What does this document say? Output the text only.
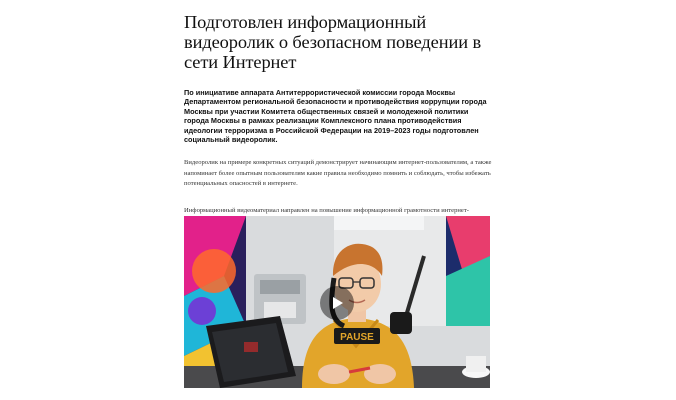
Подготовлен информационный видеоролик о безопасном поведении в сети Интернет

По инициативе аппарата Антитеррористической комиссии города Москвы Департаментом региональной безопасности и противодействия коррупции города Москвы при участии Комитета общественных связей и молодежной политики города Москвы в рамках реализации Комплексного плана противодействия идеологии терроризма в Российской Федерации на 2019–2023 годы подготовлен социальный видеоролик.

Видеоролик на примере конкретных ситуаций демонстрирует начинающим интернет-пользователям, а также напоминает более опытным пользователям какие правила необходимо помнить и соблюдать, чтобы избежать потенциальных опасностей в интернете.

Информационный видеоматериал направлен на повышение информационной грамотности интернет-

PAUSE
